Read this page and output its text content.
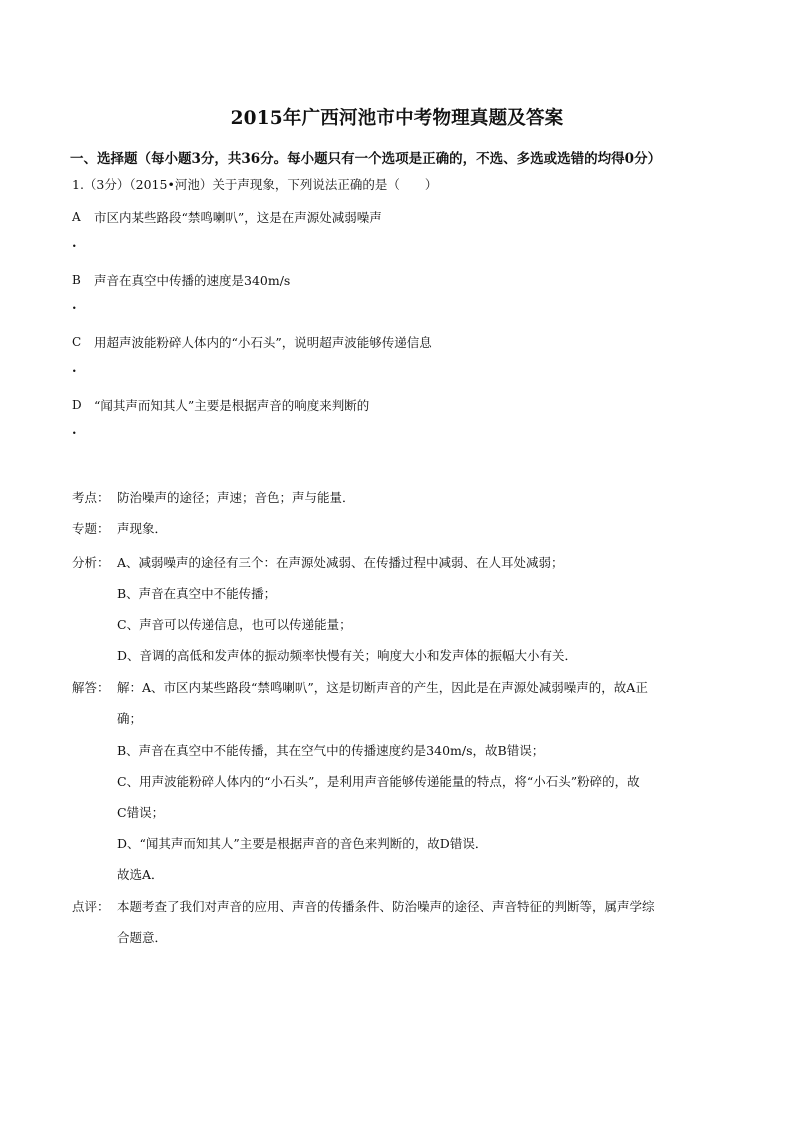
2015年广西河池市中考物理真题及答案
一、选择题（每小题3分，共36分。每小题只有一个选项是正确的，不选、多选或选错的均得0分）
1.（3分）（2015•河池）关于声现象，下列说法正确的是（　　）
A 市区内某些路段“禁鸣喇叭”，这是在声源处减弱噪声
.
B 声音在真空中传播的速度是340m/s
.
C 用超声波能粉碎人体内的“小石头”，说明超声波能够传递信息
.
D “闻其声而知其人”主要是根据声音的响度来判断的
.
考点： 防治噪声的途径；声速；音色；声与能量．
专题： 声现象．
分析： A、减弱噪声的途径有三个：在声源处减弱、在传播过程中减弱、在人耳处减弱；
B、声音在真空中不能传播；
C、声音可以传递信息，也可以传递能量；
D、音调的高低和发声体的振动频率快慢有关；响度大小和发声体的振幅大小有关．
解答： 解：A、市区内某些路段“禁鸣喇叭”，这是切断声音的产生，因此是在声源处减弱噪声的，故A正
确；
B、声音在真空中不能传播，其在空气中的传播速度约是340m/s，故B错误；
C、用声波能粉碎人体内的“小石头”，是利用声音能够传递能量的特点，将“小石头”粉碎的，故
C错误；
D、“闻其声而知其人”主要是根据声音的音色来判断的，故D错误．
故选A．
点评： 本题考查了我们对声音的应用、声音的传播条件、防治噪声的途径、声音特征的判断等，属声学综
合题意．
